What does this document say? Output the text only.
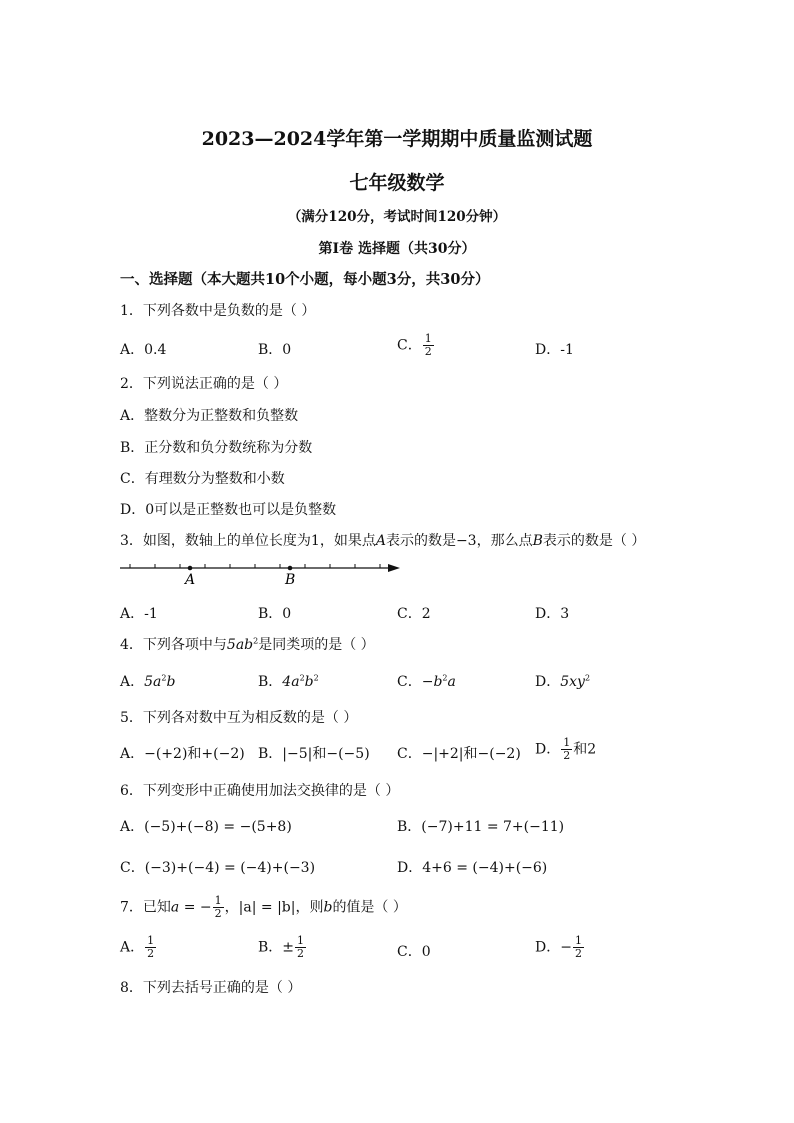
2023—2024学年第一学期期中质量监测试题
七年级数学
（满分120分，考试时间120分钟）
第I卷 选择题（共30分）
一、选择题（本大题共10个小题，每小题3分，共30分）
1．下列各数中是负数的是（ ）
A．0.4	B．0	C． $\frac{1}{2}$	D．-1
2．下列说法正确的是（ ）
A．整数分为正整数和负整数
B．正分数和负分数统称为分数
C．有理数分为整数和小数
D．0可以是正整数也可以是负整数
3．如图，数轴上的单位长度为1，如果点A表示的数是−3，那么点B表示的数是（ ）
A	B
A．-1	B．0	C．2	D．3
4．下列各项中与$5ab^2$是同类项的是（ ）
A．$5a^2b$	B．$4a^2b^2$	C．$-b^2a$	D．$5xy^2$
5．下列各对数中互为相反数的是（ ）
A．−(+2)和+(−2) B．|−5|和−(−5) C．−|+2|和−(−2) D． $\frac{1}{2}$ 和2
6．下列变形中正确使用加法交换律的是（ ）
A．(−5)+(−8) = −(5+8)	B．(−7)+11 = 7+(−11)
C．(−3)+(−4) = (−4)+(−3)	D．4+6 = (−4)+(−6)
7．已知a = − $\frac{1}{2}$ ，|a| = |b|，则b的值是（ ）
A． $\frac{1}{2}$	B．± $\frac{1}{2}$	C．0	D．− $\frac{1}{2}$
8．下列去括号正确的是（ ）
